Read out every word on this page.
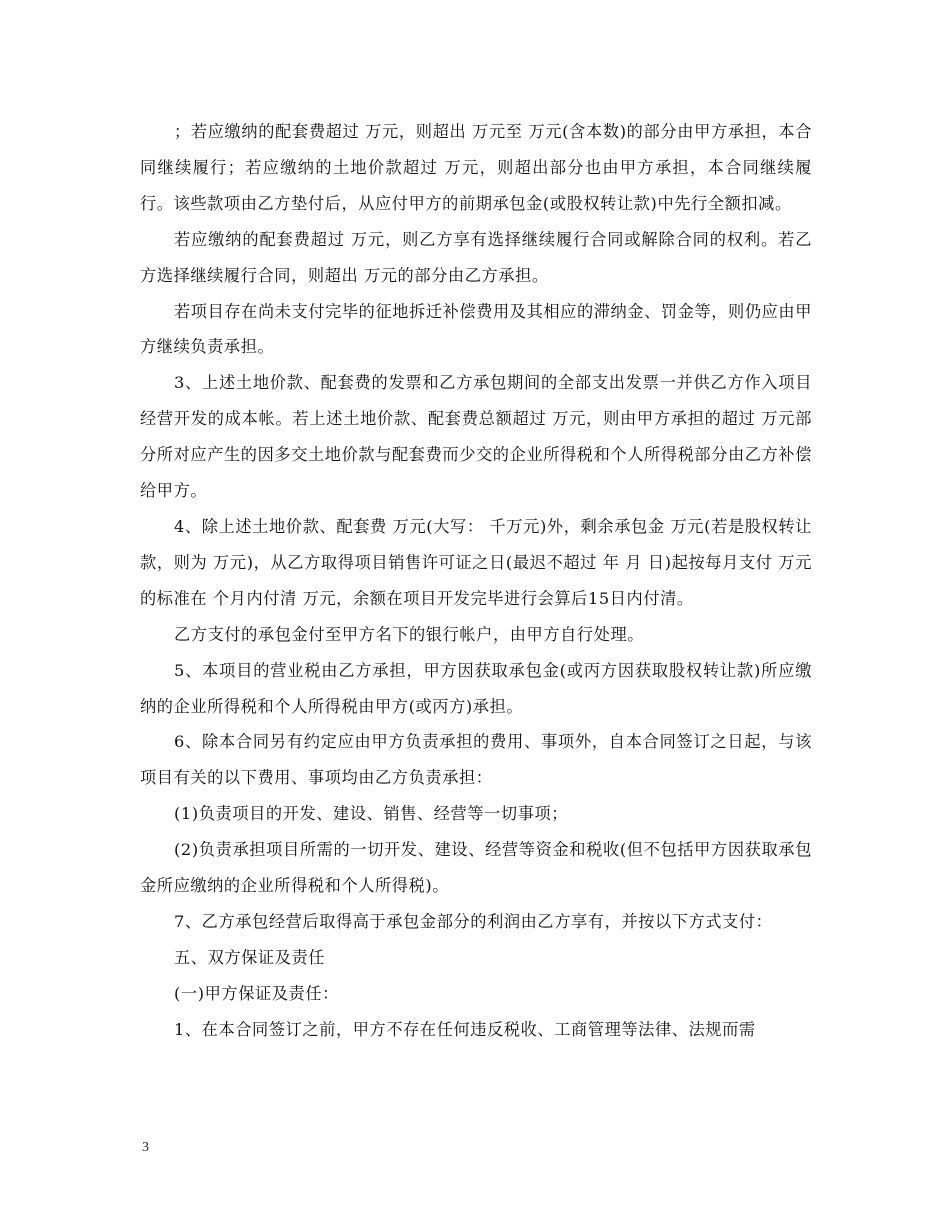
；若应缴纳的配套费超过 万元，则超出 万元至 万元(含本数)的部分由甲方承担，本合同继续履行；若应缴纳的土地价款超过 万元，则超出部分也由甲方承担，本合同继续履行。该些款项由乙方垫付后，从应付甲方的前期承包金(或股权转让款)中先行全额扣减。

若应缴纳的配套费超过 万元，则乙方享有选择继续履行合同或解除合同的权利。若乙方选择继续履行合同，则超出 万元的部分由乙方承担。

若项目存在尚未支付完毕的征地拆迁补偿费用及其相应的滞纳金、罚金等，则仍应由甲方继续负责承担。

3、上述土地价款、配套费的发票和乙方承包期间的全部支出发票一并供乙方作入项目经营开发的成本帐。若上述土地价款、配套费总额超过 万元，则由甲方承担的超过 万元部分所对应产生的因多交土地价款与配套费而少交的企业所得税和个人所得税部分由乙方补偿给甲方。

4、除上述土地价款、配套费 万元(大写： 千万元)外，剩余承包金 万元(若是股权转让款，则为 万元)，从乙方取得项目销售许可证之日(最迟不超过 年 月 日)起按每月支付 万元的标准在 个月内付清 万元，余额在项目开发完毕进行会算后15日内付清。

乙方支付的承包金付至甲方名下的银行帐户，由甲方自行处理。

5、本项目的营业税由乙方承担，甲方因获取承包金(或丙方因获取股权转让款)所应缴纳的企业所得税和个人所得税由甲方(或丙方)承担。

6、除本合同另有约定应由甲方负责承担的费用、事项外，自本合同签订之日起，与该项目有关的以下费用、事项均由乙方负责承担：

(1)负责项目的开发、建设、销售、经营等一切事项；

(2)负责承担项目所需的一切开发、建设、经营等资金和税收(但不包括甲方因获取承包金所应缴纳的企业所得税和个人所得税)。

7、乙方承包经营后取得高于承包金部分的利润由乙方享有，并按以下方式支付：

五、双方保证及责任

(一)甲方保证及责任：

1、在本合同签订之前，甲方不存在任何违反税收、工商管理等法律、法规而需

3
